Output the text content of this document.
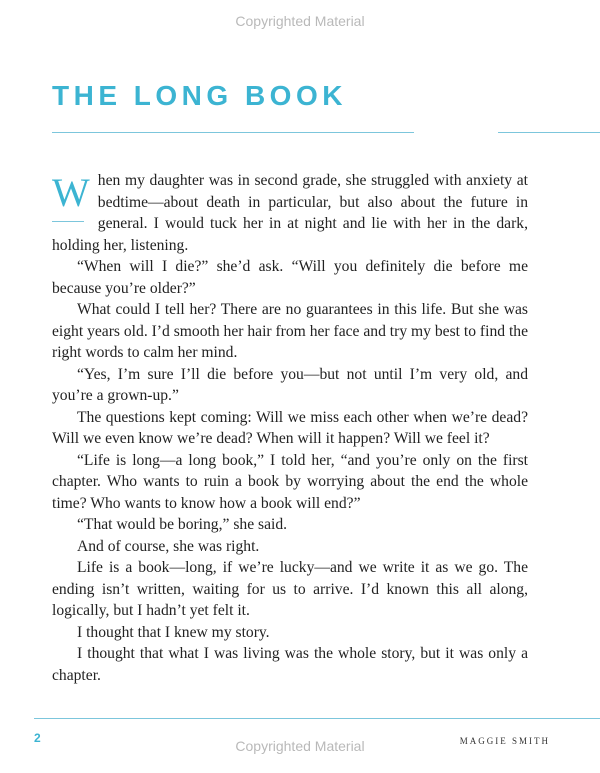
Copyrighted Material
THE LONG BOOK

When my daughter was in second grade, she struggled with anxiety at bedtime—about death in particular, but also about the future in general. I would tuck her in at night and lie with her in the dark, holding her, listening.

“When will I die?” she’d ask. “Will you definitely die before me because you’re older?”

What could I tell her? There are no guarantees in this life. But she was eight years old. I’d smooth her hair from her face and try my best to find the right words to calm her mind.

“Yes, I’m sure I’ll die before you—but not until I’m very old, and you’re a grown-up.”

The questions kept coming: Will we miss each other when we’re dead? Will we even know we’re dead? When will it happen? Will we feel it?

“Life is long—a long book,” I told her, “and you’re only on the first chapter. Who wants to ruin a book by worrying about the end the whole time? Who wants to know how a book will end?”

“That would be boring,” she said.

And of course, she was right.

Life is a book—long, if we’re lucky—and we write it as we go. The ending isn’t written, waiting for us to arrive. I’d known this all along, logically, but I hadn’t yet felt it.

I thought that I knew my story.

I thought that what I was living was the whole story, but it was only a chapter.

2	MAGGIE SMITH
Copyrighted Material
